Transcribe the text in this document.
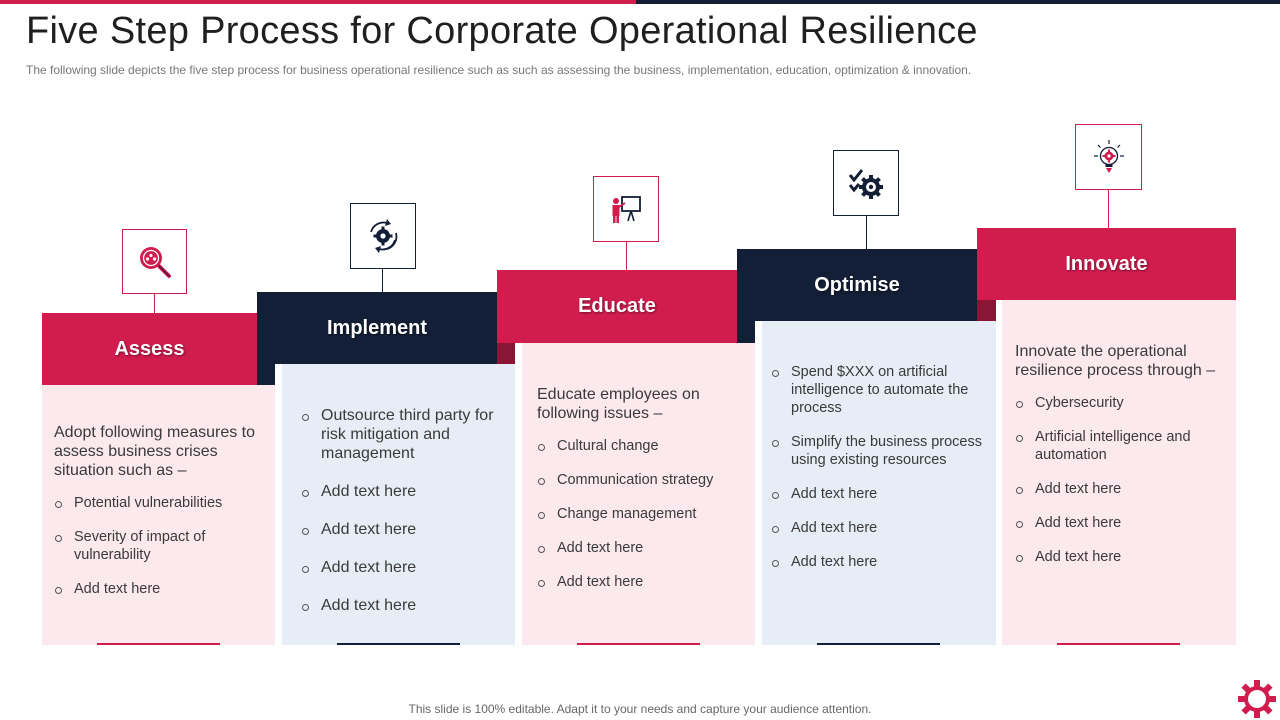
Five Step Process for Corporate Operational Resilience
The following slide depicts the five step process for business operational resilience such as such as assessing the business, implementation, education, optimization & innovation.
Assess

Adopt following measures to assess business crises situation such as –

Potential vulnerabilities
Severity of impact of vulnerability
Add text here
Implement
Outsource third party for risk mitigation and management
Add text here
Add text here
Add text here
Add text here
Educate

Educate employees on following issues –

Cultural change
Communication strategy
Change management
Add text here
Add text here
Optimise
Spend $XXX on artificial intelligence to automate the process
Simplify the business process using existing resources
Add text here
Add text here
Add text here
Innovate

Innovate the operational resilience process through –

Cybersecurity
Artificial intelligence and automation
Add text here
Add text here
Add text here
This slide is 100% editable. Adapt it to your needs and capture your audience attention.
